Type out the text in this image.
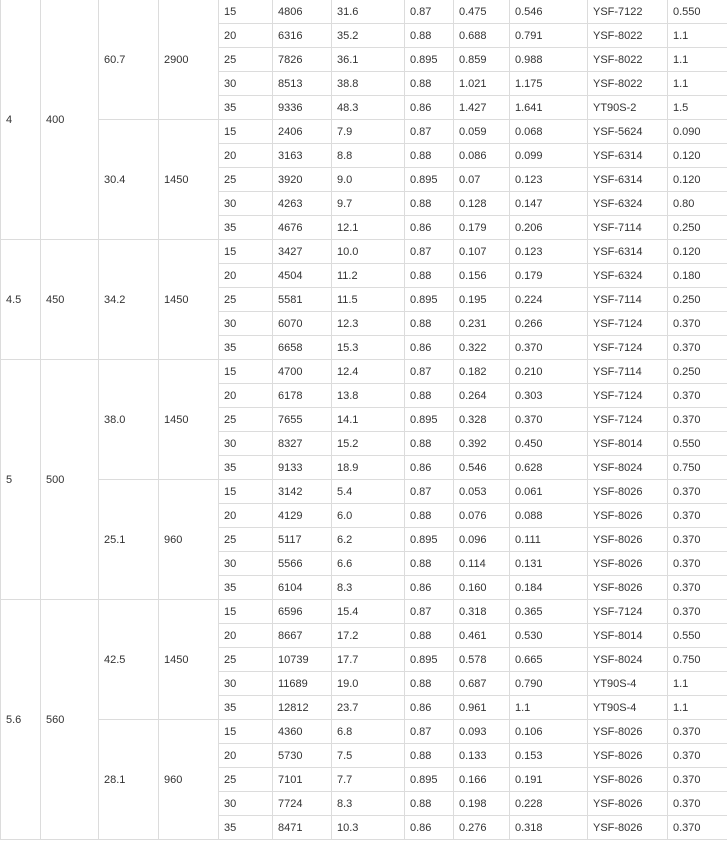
4	400	60.7	2900	15	4806	31.6	0.87	0.475	0.546	YSF-7122	0.550
				20	6316	35.2	0.88	0.688	0.791	YSF-8022	1.1
				25	7826	36.1	0.895	0.859	0.988	YSF-8022	1.1
				30	8513	38.8	0.88	1.021	1.175	YSF-8022	1.1
				35	9336	48.3	0.86	1.427	1.641	YT90S-2	1.5
		30.4	1450	15	2406	7.9	0.87	0.059	0.068	YSF-5624	0.090
				20	3163	8.8	0.88	0.086	0.099	YSF-6314	0.120
				25	3920	9.0	0.895	0.07	0.123	YSF-6314	0.120
				30	4263	9.7	0.88	0.128	0.147	YSF-6324	0.80
				35	4676	12.1	0.86	0.179	0.206	YSF-7114	0.250
4.5	450	34.2	1450	15	3427	10.0	0.87	0.107	0.123	YSF-6314	0.120
				20	4504	11.2	0.88	0.156	0.179	YSF-6324	0.180
				25	5581	11.5	0.895	0.195	0.224	YSF-7114	0.250
				30	6070	12.3	0.88	0.231	0.266	YSF-7124	0.370
				35	6658	15.3	0.86	0.322	0.370	YSF-7124	0.370
5	500	38.0	1450	15	4700	12.4	0.87	0.182	0.210	YSF-7114	0.250
				20	6178	13.8	0.88	0.264	0.303	YSF-7124	0.370
				25	7655	14.1	0.895	0.328	0.370	YSF-7124	0.370
				30	8327	15.2	0.88	0.392	0.450	YSF-8014	0.550
				35	9133	18.9	0.86	0.546	0.628	YSF-8024	0.750
		25.1	960	15	3142	5.4	0.87	0.053	0.061	YSF-8026	0.370
				20	4129	6.0	0.88	0.076	0.088	YSF-8026	0.370
				25	5117	6.2	0.895	0.096	0.111	YSF-8026	0.370
				30	5566	6.6	0.88	0.114	0.131	YSF-8026	0.370
				35	6104	8.3	0.86	0.160	0.184	YSF-8026	0.370
5.6	560	42.5	1450	15	6596	15.4	0.87	0.318	0.365	YSF-7124	0.370
				20	8667	17.2	0.88	0.461	0.530	YSF-8014	0.550
				25	10739	17.7	0.895	0.578	0.665	YSF-8024	0.750
				30	11689	19.0	0.88	0.687	0.790	YT90S-4	1.1
				35	12812	23.7	0.86	0.961	1.1	YT90S-4	1.1
		28.1	960	15	4360	6.8	0.87	0.093	0.106	YSF-8026	0.370
				20	5730	7.5	0.88	0.133	0.153	YSF-8026	0.370
				25	7101	7.7	0.895	0.166	0.191	YSF-8026	0.370
				30	7724	8.3	0.88	0.198	0.228	YSF-8026	0.370
				35	8471	10.3	0.86	0.276	0.318	YSF-8026	0.370
